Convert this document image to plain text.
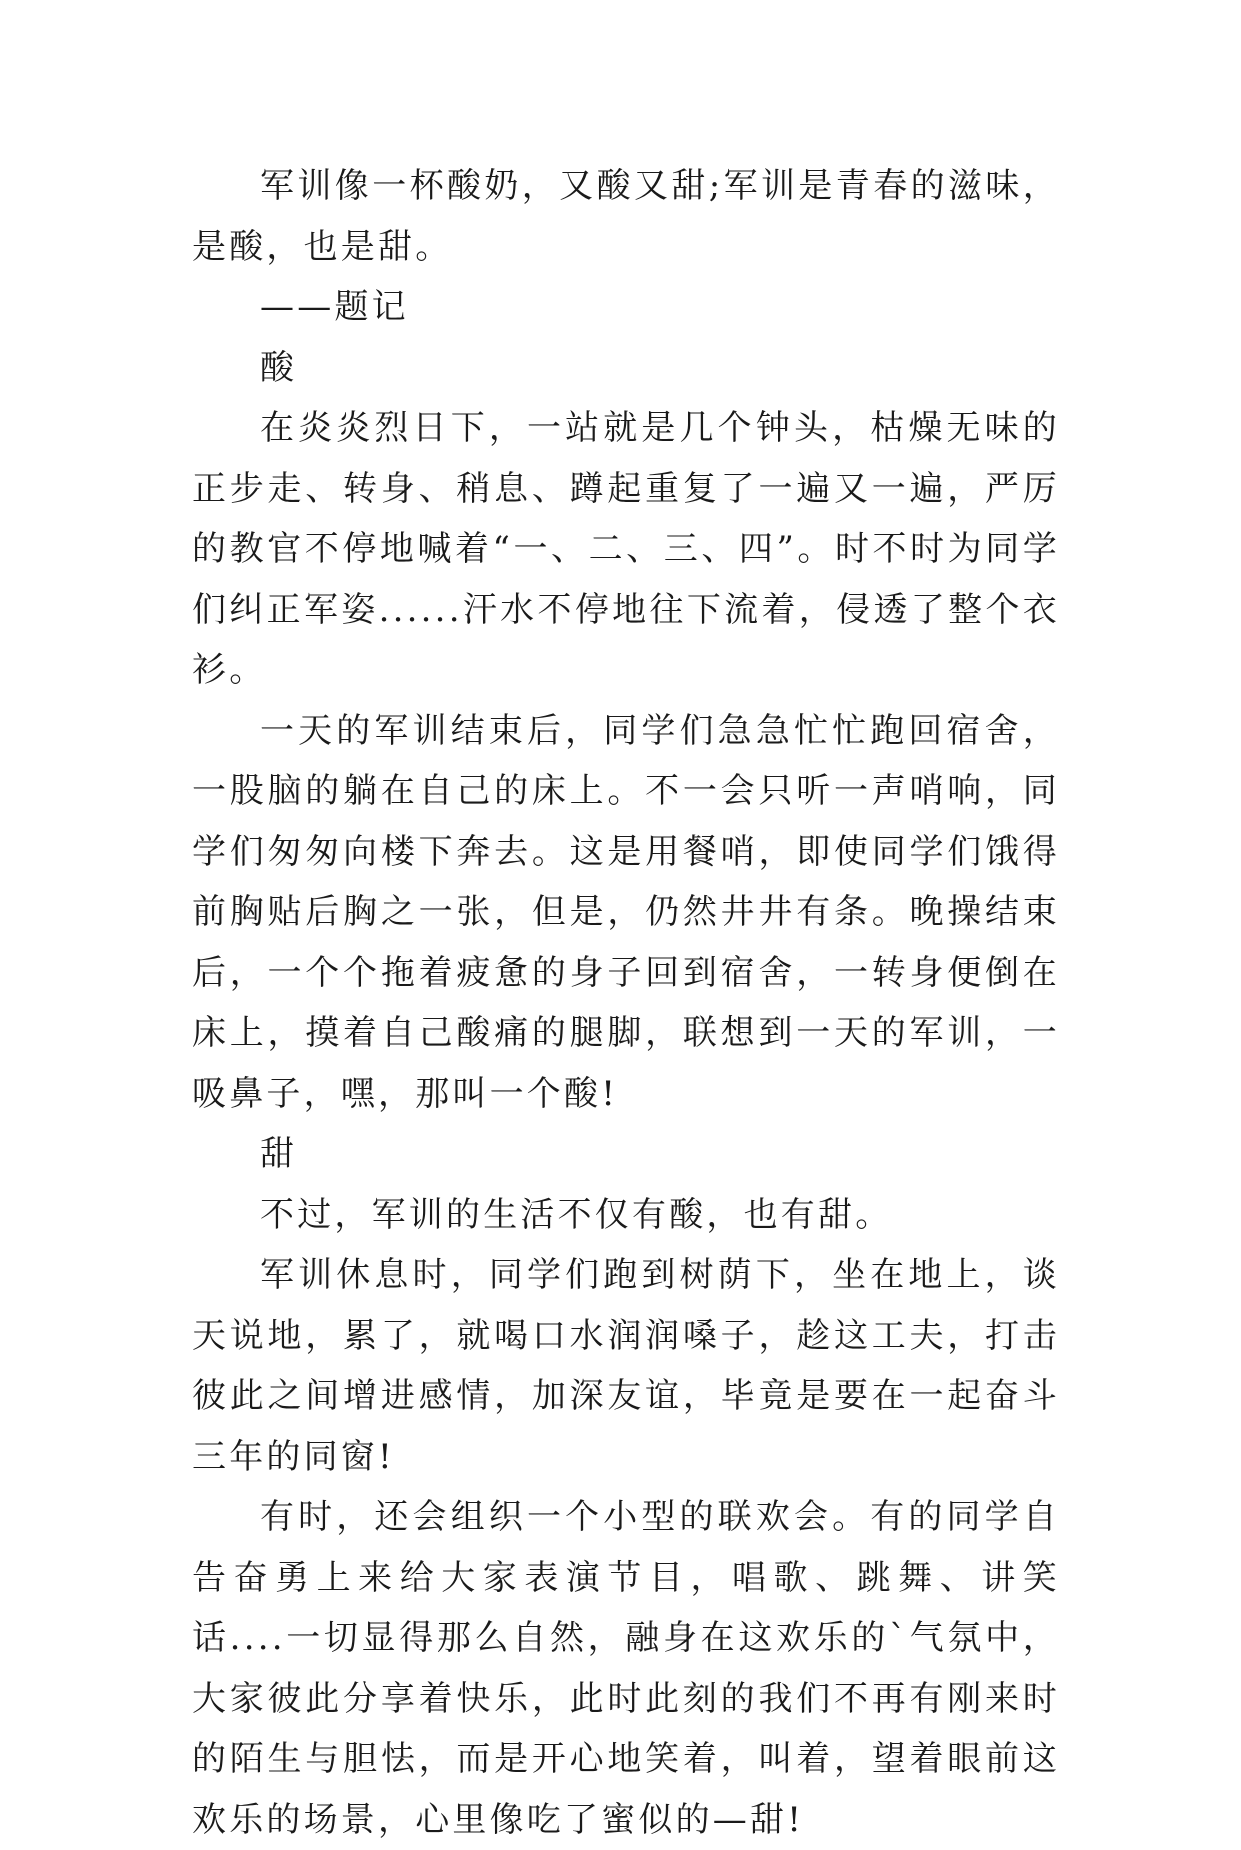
军训像一杯酸奶，又酸又甜;军训是青春的滋味，是酸，也是甜。

——题记

酸

在炎炎烈日下，一站就是几个钟头，枯燥无味的正步走、转身、稍息、蹲起重复了一遍又一遍，严厉的教官不停地喊着“一、二、三、四”。时不时为同学们纠正军姿......汗水不停地往下流着，侵透了整个衣衫。

一天的军训结束后，同学们急急忙忙跑回宿舍，一股脑的躺在自己的床上。不一会只听一声哨响，同学们匆匆向楼下奔去。这是用餐哨，即使同学们饿得前胸贴后胸之一张，但是，仍然井井有条。晚操结束后，一个个拖着疲惫的身子回到宿舍，一转身便倒在床上，摸着自己酸痛的腿脚，联想到一天的军训，一吸鼻子，嘿，那叫一个酸!

甜

不过，军训的生活不仅有酸，也有甜。

军训休息时，同学们跑到树荫下，坐在地上，谈天说地，累了，就喝口水润润嗓子，趁这工夫，打击彼此之间增进感情，加深友谊，毕竟是要在一起奋斗三年的同窗!

有时，还会组织一个小型的联欢会。有的同学自告奋勇上来给大家表演节目，唱歌、跳舞、讲笑话....一切显得那么自然，融身在这欢乐的`气氛中，大家彼此分享着快乐，此时此刻的我们不再有刚来时的陌生与胆怯，而是开心地笑着，叫着，望着眼前这欢乐的场景，心里像吃了蜜似的—甜!
